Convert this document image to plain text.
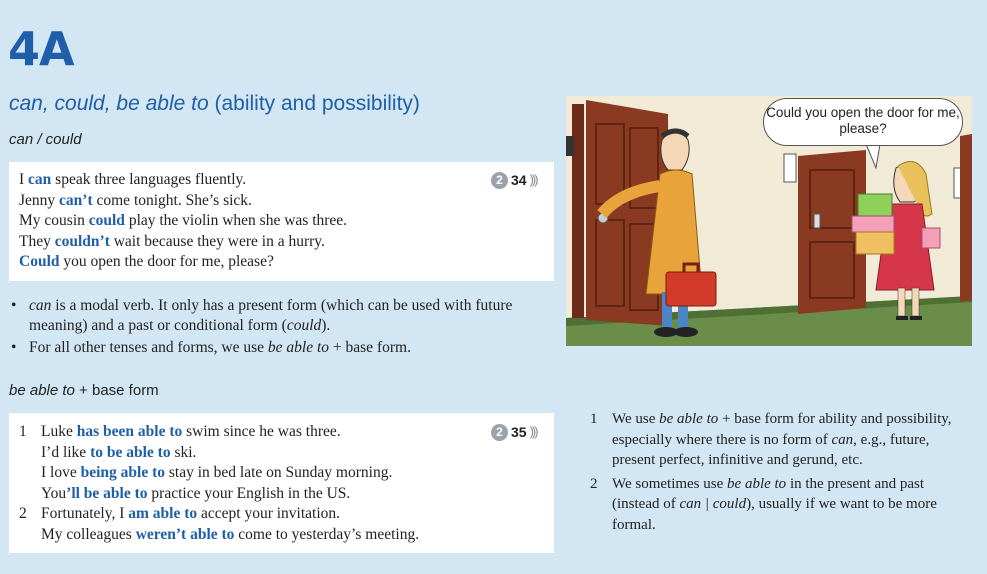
4A
can, could, be able to (ability and possibility)
can / could
2 34 )))
I can speak three languages fluently.
Jenny can’t come tonight. She’s sick.
My cousin could play the violin when she was three.
They couldn’t wait because they were in a hurry.
Could you open the door for me, please?
• can is a modal verb. It only has a present form (which can be used with future meaning) and a past or conditional form (could).
• For all other tenses and forms, we use be able to + base form.
be able to + base form
2 35 )))
1 Luke has been able to swim since he was three.
I’d like to be able to ski.
I love being able to stay in bed late on Sunday morning.
You’ll be able to practice your English in the US.
2 Fortunately, I am able to accept your invitation.
My colleagues weren’t able to come to yesterday’s meeting.
1 We use be able to + base form for ability and possibility, especially where there is no form of can, e.g., future, present perfect, infinitive and gerund, etc.
2 We sometimes use be able to in the present and past (instead of can | could), usually if we want to be more formal.
Could you open the door for me, please?
